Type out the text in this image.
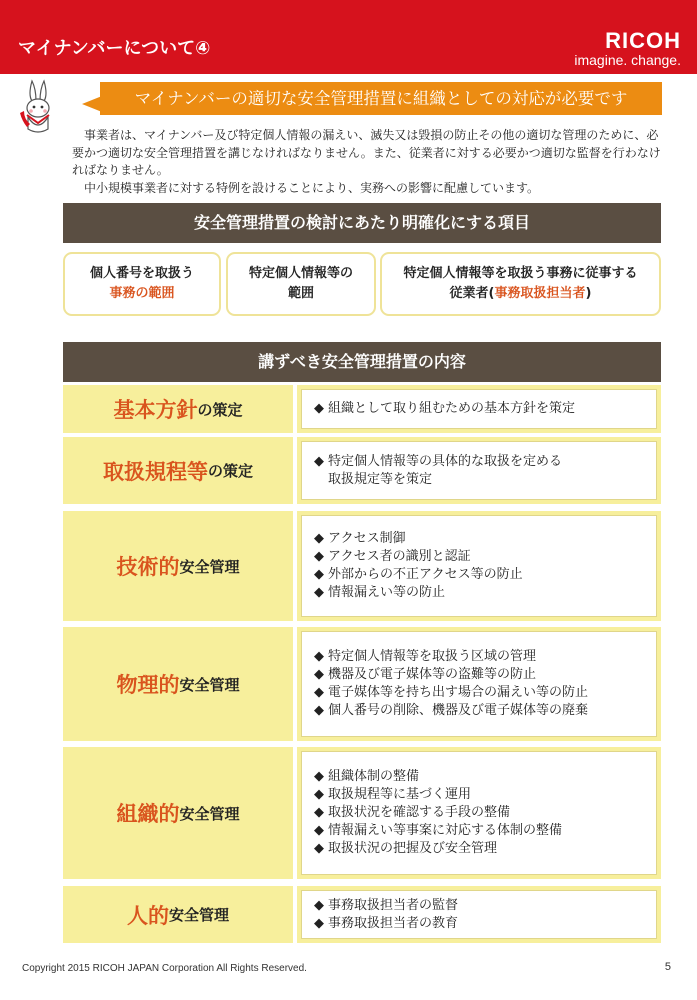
マイナンバーについて④	RICOH
imagine. change.
マイナンバーの適切な安全管理措置に組織としての対応が必要です

事業者は、マイナンバー及び特定個人情報の漏えい、滅失又は毀損の防止その他の適切な管理のために、必要かつ適切な安全管理措置を講じなければなりません。また、従業者に対する必要かつ適切な監督を行わなければなりません。

中小規模事業者に対する特例を設けることにより、実務への影響に配慮しています。

安全管理措置の検討にあたり明確化にする項目
個人番号を取扱う
事務の範囲
特定個人情報等の
範囲
特定個人情報等を取扱う事務に従事する
従業者(事務取扱担当者)
講ずべき安全管理措置の内容
基本方針 の策定	◆ 組織として取り組むための基本方針を策定
取扱規程等 の策定
◆ 特定個人情報等の具体的な取扱を定める
取扱規定等を策定
技術的 安全管理
◆ アクセス制御
◆ アクセス者の識別と認証
◆ 外部からの不正アクセス等の防止
◆ 情報漏えい等の防止
物理的 安全管理
◆ 特定個人情報等を取扱う区域の管理
◆ 機器及び電子媒体等の盗難等の防止
◆ 電子媒体等を持ち出す場合の漏えい等の防止
◆ 個人番号の削除、機器及び電子媒体等の廃棄
組織的 安全管理
◆ 組織体制の整備
◆ 取扱規程等に基づく運用
◆ 取扱状況を確認する手段の整備
◆ 情報漏えい等事案に対応する体制の整備
◆ 取扱状況の把握及び安全管理
人的 安全管理
◆ 事務取扱担当者の監督
◆ 事務取扱担当者の教育
Copyright 2015 RICOH JAPAN Corporation All Rights Reserved.	5
